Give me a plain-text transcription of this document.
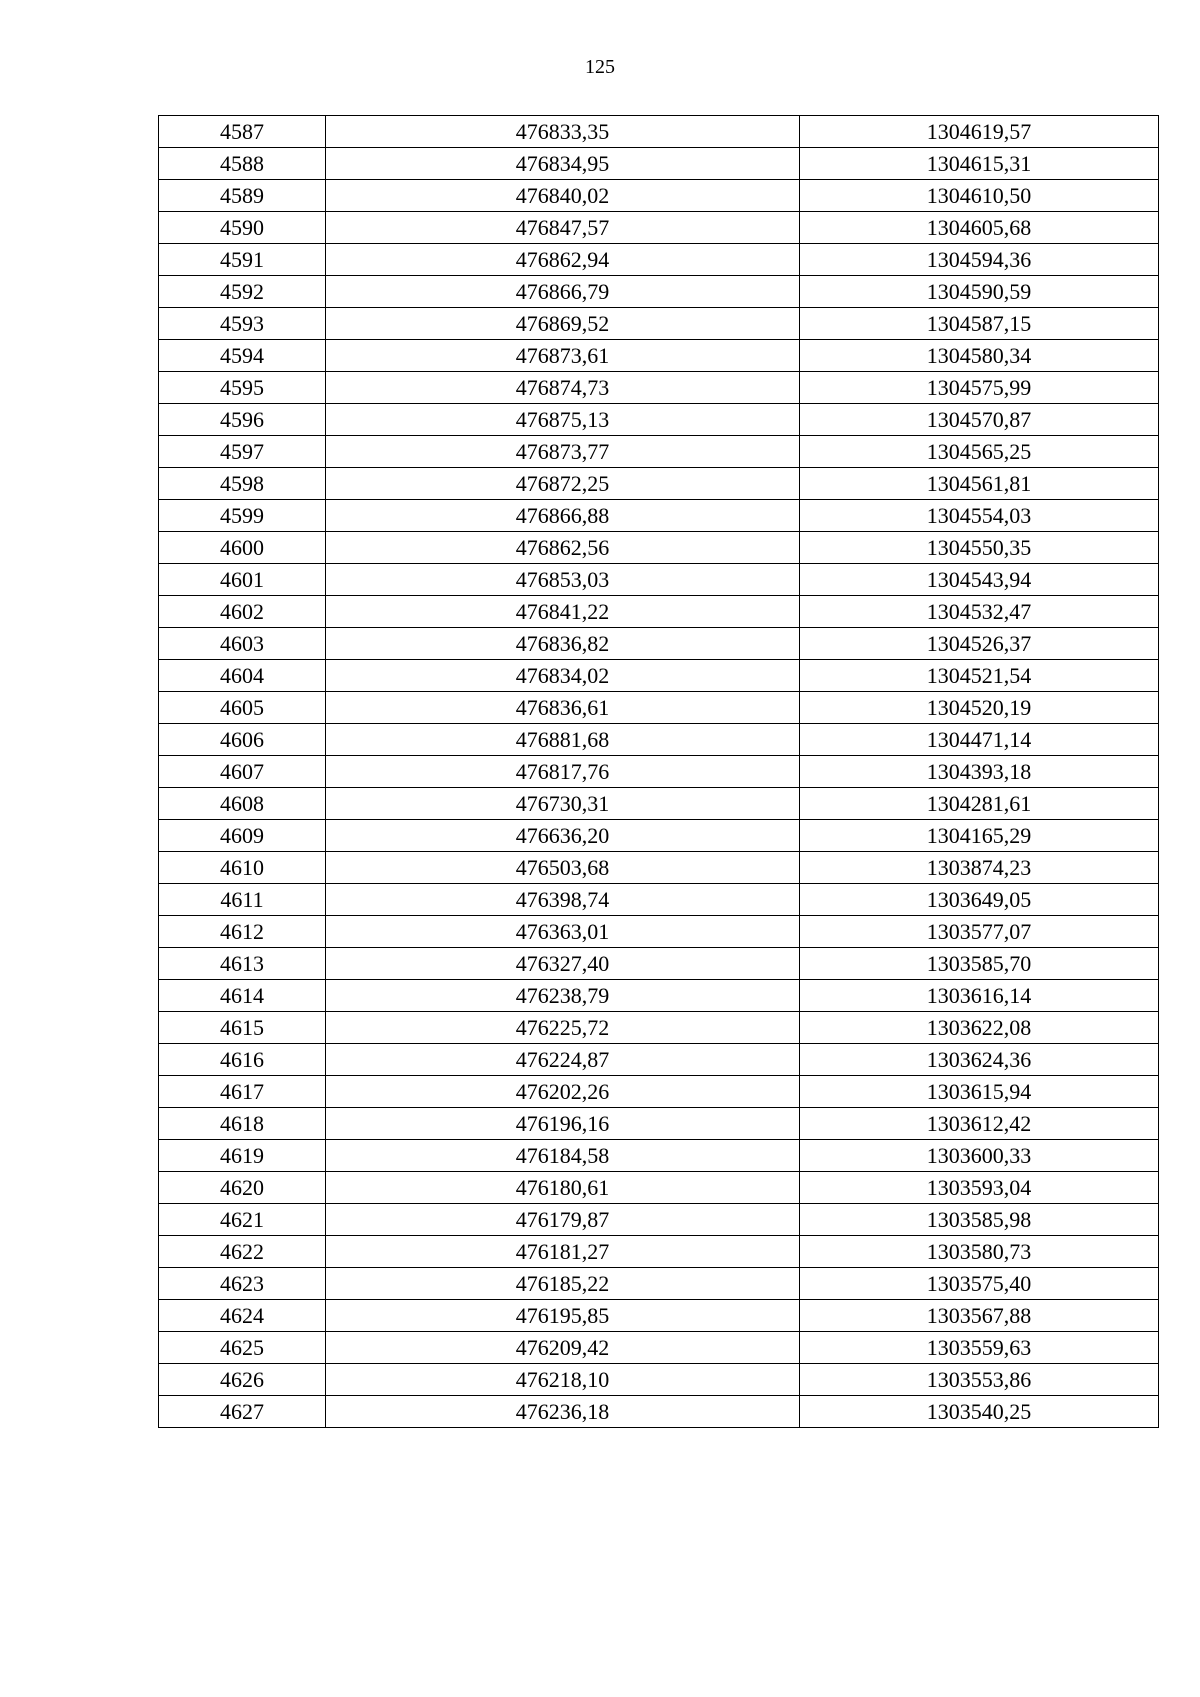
125
4587	476833,35	1304619,57
4588	476834,95	1304615,31
4589	476840,02	1304610,50
4590	476847,57	1304605,68
4591	476862,94	1304594,36
4592	476866,79	1304590,59
4593	476869,52	1304587,15
4594	476873,61	1304580,34
4595	476874,73	1304575,99
4596	476875,13	1304570,87
4597	476873,77	1304565,25
4598	476872,25	1304561,81
4599	476866,88	1304554,03
4600	476862,56	1304550,35
4601	476853,03	1304543,94
4602	476841,22	1304532,47
4603	476836,82	1304526,37
4604	476834,02	1304521,54
4605	476836,61	1304520,19
4606	476881,68	1304471,14
4607	476817,76	1304393,18
4608	476730,31	1304281,61
4609	476636,20	1304165,29
4610	476503,68	1303874,23
4611	476398,74	1303649,05
4612	476363,01	1303577,07
4613	476327,40	1303585,70
4614	476238,79	1303616,14
4615	476225,72	1303622,08
4616	476224,87	1303624,36
4617	476202,26	1303615,94
4618	476196,16	1303612,42
4619	476184,58	1303600,33
4620	476180,61	1303593,04
4621	476179,87	1303585,98
4622	476181,27	1303580,73
4623	476185,22	1303575,40
4624	476195,85	1303567,88
4625	476209,42	1303559,63
4626	476218,10	1303553,86
4627	476236,18	1303540,25
